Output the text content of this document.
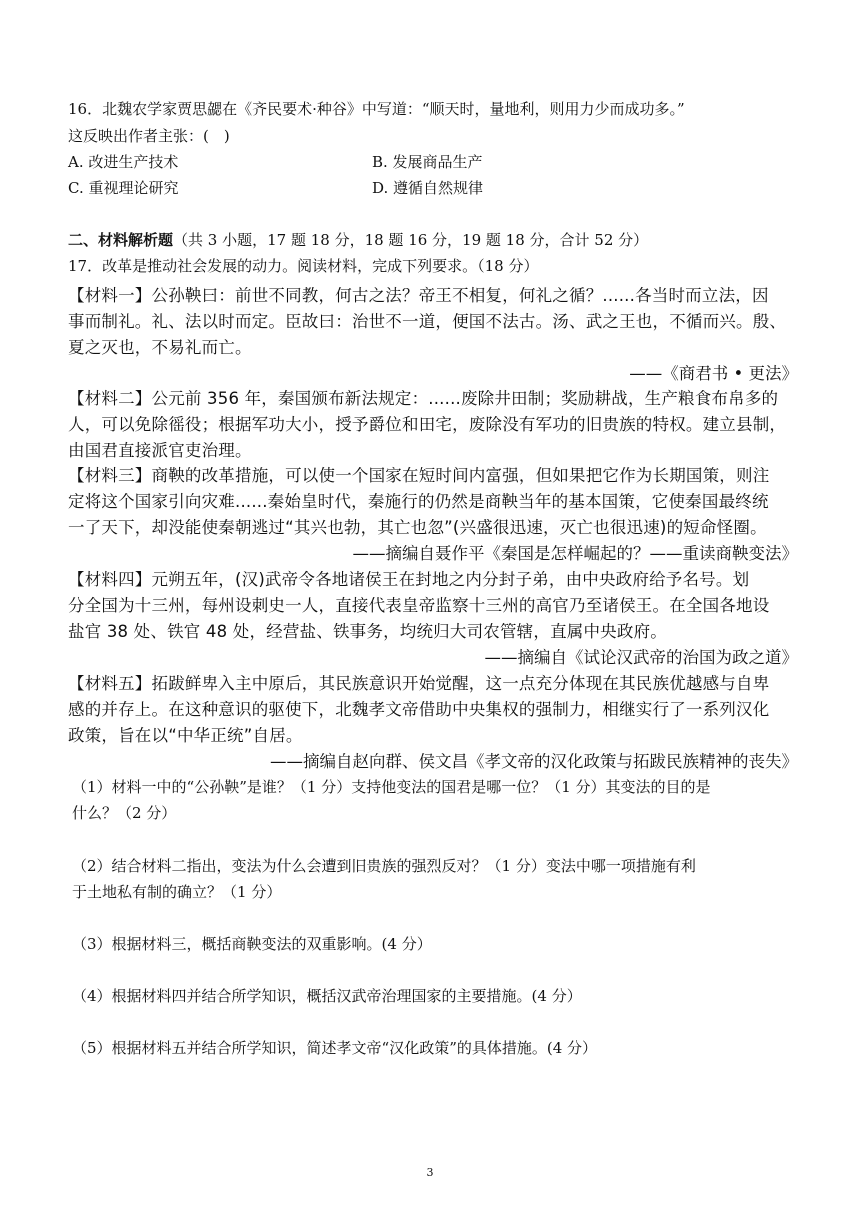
16．北魏农学家贾思勰在《齐民要术·种谷》中写道：“顺天时，量地利，则用力少而成功多。”
这反映出作者主张：(　)
A. 改进生产技术	B. 发展商品生产
C. 重视理论研究	D. 遵循自然规律
二、材料解析题（共 3 小题，17 题 18 分，18 题 16 分，19 题 18 分，合计 52 分）
17．改革是推动社会发展的动力。阅读材料，完成下列要求。（18 分）
【材料一】公孙鞅曰：前世不同教，何古之法？帝王不相复，何礼之循？......各当时而立法，因
事而制礼。礼、法以时而定。臣故曰：治世不一道，便国不法古。汤、武之王也，不循而兴。殷、
夏之灭也，不易礼而亡。
——《商君书 • 更法》
【材料二】公元前 356 年，秦国颁布新法规定：......废除井田制；奖励耕战，生产粮食布帛多的
人，可以免除徭役；根据军功大小，授予爵位和田宅，废除没有军功的旧贵族的特权。建立县制，
由国君直接派官吏治理。
【材料三】商鞅的改革措施，可以使一个国家在短时间内富强，但如果把它作为长期国策，则注
定将这个国家引向灾难......秦始皇时代，秦施行的仍然是商鞅当年的基本国策，它使秦国最终统
一了天下，却没能使秦朝逃过“其兴也勃，其亡也忽”(兴盛很迅速，灭亡也很迅速)的短命怪圈。
——摘编自聂作平《秦国是怎样崛起的？——重读商鞅变法》
【材料四】元朔五年，(汉)武帝令各地诸侯王在封地之内分封子弟，由中央政府给予名号。划
分全国为十三州，每州设刺史一人，直接代表皇帝监察十三州的高官乃至诸侯王。在全国各地设
盐官 38 处、铁官 48 处，经营盐、铁事务，均统归大司农管辖，直属中央政府。
——摘编自《试论汉武帝的治国为政之道》
【材料五】拓跋鲜卑入主中原后，其民族意识开始觉醒，这一点充分体现在其民族优越感与自卑
感的并存上。在这种意识的驱使下，北魏孝文帝借助中央集权的强制力，相继实行了一系列汉化
政策，旨在以“中华正统”自居。
——摘编自赵向群、侯文昌《孝文帝的汉化政策与拓跋民族精神的丧失》
（1）材料一中的“公孙鞅”是谁？（1 分）支持他变法的国君是哪一位？（1 分）其变法的目的是
什么？（2 分）
（2）结合材料二指出，变法为什么会遭到旧贵族的强烈反对？（1 分）变法中哪一项措施有利
于土地私有制的确立？（1 分）
（3）根据材料三，概括商鞅变法的双重影响。(4 分）
（4）根据材料四并结合所学知识，概括汉武帝治理国家的主要措施。(4 分）
（5）根据材料五并结合所学知识，简述孝文帝“汉化政策”的具体措施。(4 分）
3
